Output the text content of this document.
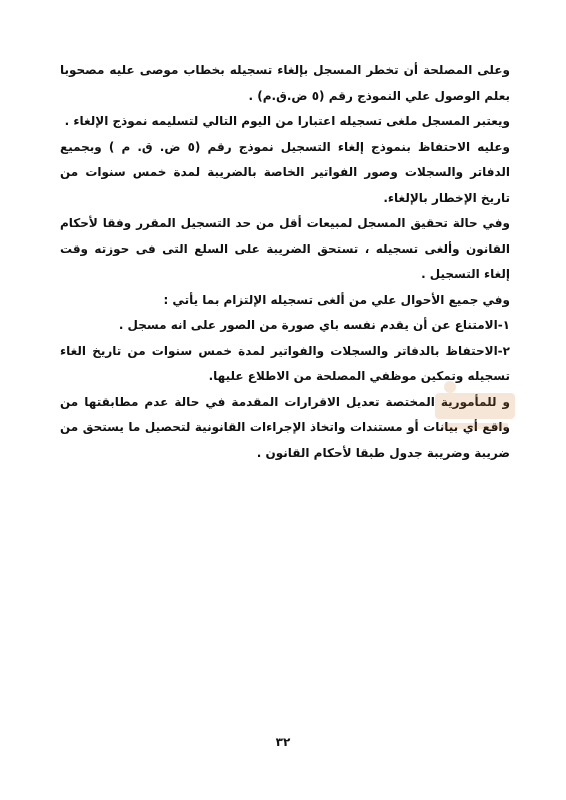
وعلى المصلحة أن تخطر المسجل بإلغاء تسجيله بخطاب موصى عليه مصحوبا بعلم الوصول علي النموذج رقم (٥ ض.ق.م) .

ويعتبر المسجل ملغى تسجيله اعتبارا من اليوم التالي لتسليمه نموذج الإلغاء .

وعليه الاحتفاظ بنموذج إلغاء التسجيل نموذج رقم (٥ ض. ق. م ) وبجميع الدفاتر والسجلات وصور الفواتير الخاصة بالضريبة لمدة خمس سنوات من تاريخ الإخطار بالإلغاء.

وفي حالة تحقيق المسجل لمبيعات أقل من حد التسجيل المقرر وفقا لأحكام القانون وألغى تسجيله ، تستحق الضريبة على السلع التى فى حوزته وقت إلغاء التسجيل .

وفي جميع الأحوال علي من ألغى تسجيله الإلتزام بما يأتي :

١-الامتناع عن أن يقدم نفسه باي صورة من الصور على انه مسجل .

٢-الاحتفاظ بالدفاتر والسجلات والفواتير لمدة خمس سنوات من تاريخ الغاء تسجيله وتمكين موظفي المصلحة من الاطلاع عليها.

و للمأمورية المختصة تعديل الاقرارات المقدمة في حالة عدم مطابقتها من واقع أي بيانات أو مستندات واتخاذ الإجراءات القانونية لتحصيل ما يستحق من ضريبة وضريبة جدول طبقا لأحكام القانون .

٣٢
